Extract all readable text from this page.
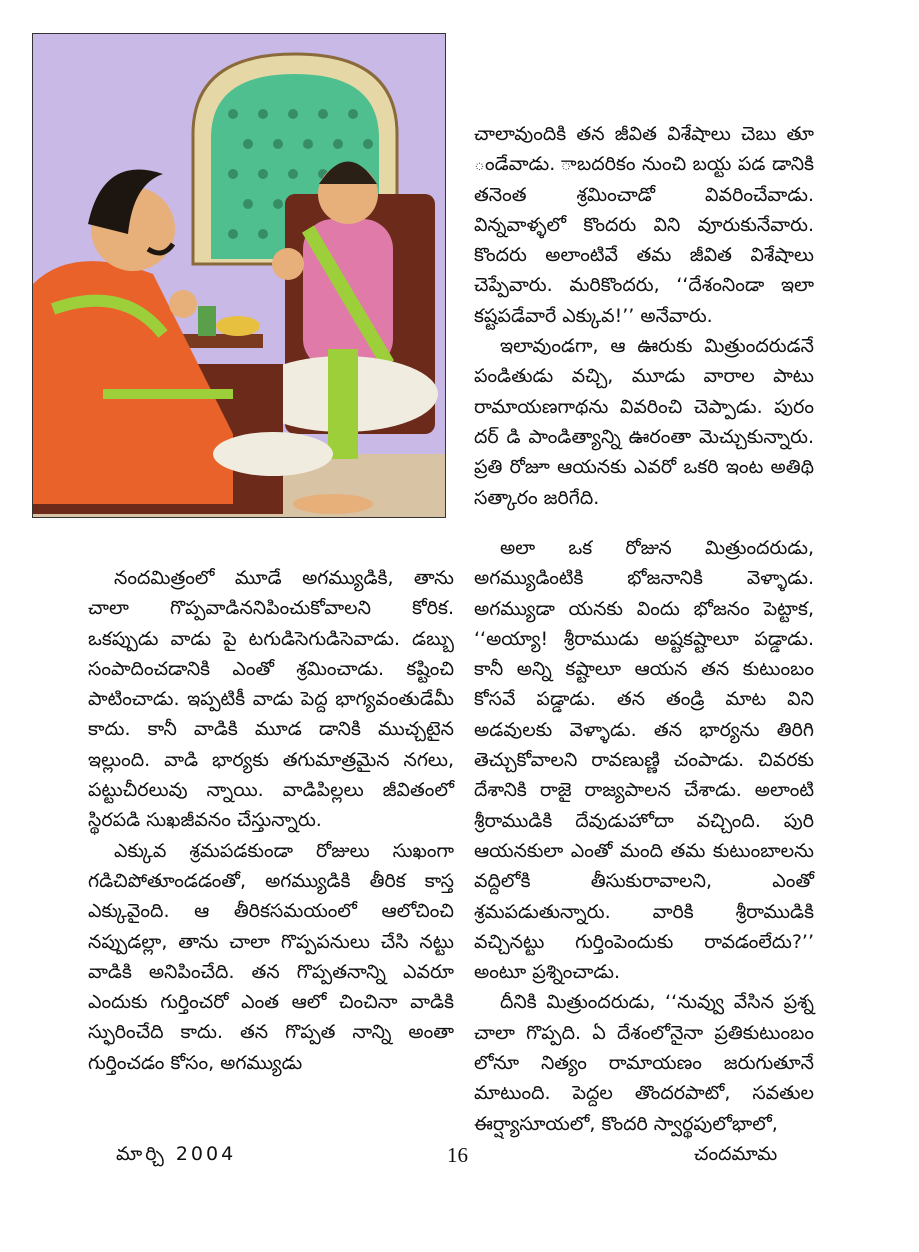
చాలావుందికి తన జీవిత విశేషాలు చెబు తూ ండేవాడు. ాబదరికం నుంచి బయ్ట పడ డానికి తనెంత శ్రమించాడో వివరించేవాడు. విన్నవాళ్ళలో కొందరు విని వూరుకునేవారు. కొందరు అలాంటివే తమ జీవిత విశేషాలు చెప్పేవారు. మరికొందరు, ‘‘దేశంనిండా ఇలా కష్టపడేవారే ఎక్కువ!’’ అనేవారు.

ఇలావుండగా, ఆ ఊరుకు మిత్రుందరుడనే పండితుడు వచ్చి, మూడు వారాల పాటు రామాయణగాథను వివరించి చెప్పాడు. పురం దర్ డి పాండిత్యాన్ని ఊరంతా మెచ్చుకున్నారు. ప్రతి రోజూ ఆయనకు ఎవరో ఒకరి ఇంట అతిథి సత్కారం జరిగేది.

నందమిత్రంలో మూడే అగమ్యుడికి, తాను చాలా గొప్పవాడిననిపించుకోవాలని కోరిక. ఒకప్పుడు వాడు పై టగుడిసెగుడిసెవాడు. డబ్బు సంపాదించడానికి ఎంతో శ్రమించాడు. కష్టించి పాటించాడు. ఇప్పటికీ వాడు పెద్ద భాగ్యవంతుడేమీ కాదు. కానీ వాడికి మూడ డానికి ముచ్చటైన ఇల్లుంది. వాడి భార్యకు తగుమాత్రమైన నగలు, పట్టుచీరలువు న్నాయి. వాడిపిల్లలు జీవితంలో స్థిరపడి సుఖజీవనం చేస్తున్నారు.

ఎక్కువ శ్రమపడకుండా రోజులు సుఖంగా గడిచిపోతూండడంతో, అగమ్యుడికి తీరిక కాస్త ఎక్కువైంది. ఆ తీరికసమయంలో ఆలోచించి నప్పుడల్లా, తాను చాలా గొప్పపనులు చేసి నట్టు వాడికి అనిపించేది. తన గొప్పతనాన్ని ఎవరూ ఎందుకు గుర్తించరో ఎంత ఆలో చించినా వాడికి స్ఫురించేది కాదు. తన గొప్పత నాన్ని అంతా గుర్తించడం కోసం, అగమ్యుడు

అలా ఒక రోజున మిత్రుందరుడు, అగమ్యుడింటికి భోజనానికి వెళ్ళాడు. అగమ్యుడా యనకు విందు భోజనం పెట్టాక, ‘‘అయ్యా! శ్రీరాముడు అష్టకష్టాలూ పడ్డాడు. కానీ అన్ని కష్టాలూ ఆయన తన కుటుంబం కోసవే పడ్డాడు. తన తండ్రి మాట విని అడవులకు వెళ్ళాడు. తన భార్యను తిరిగి తెచ్చుకోవాలని రావణుణ్ణి చంపాడు. చివరకు దేశానికి రాజై రాజ్యపాలన చేశాడు. అలాంటి శ్రీరాముడికి దేవుడుహోదా వచ్చింది. పురి ఆయనకులా ఎంతో మంది తమ కుటుంబాలను వద్దిలోకి తీసుకురావాలని, ఎంతో శ్రమపడుతున్నారు. వారికి శ్రీరాముడికి వచ్చినట్టు గుర్తింపెందుకు రావడంలేదు?’’ అంటూ ప్రశ్నించాడు.

దీనికి మిత్రుందరుడు, ‘‘నువ్వు వేసిన ప్రశ్న చాలా గొప్పది. ఏ దేశంలోనైనా ప్రతికుటుంబం లోనూ నిత్యం రామాయణం జరుగుతూనే మాటుంది. పెద్దల తొందరపాటో, సవతుల ఈర్ష్యాసూయలో, కొందరి స్వార్థపులోభాలో,

మార్చి 2004	16	చందమామ
